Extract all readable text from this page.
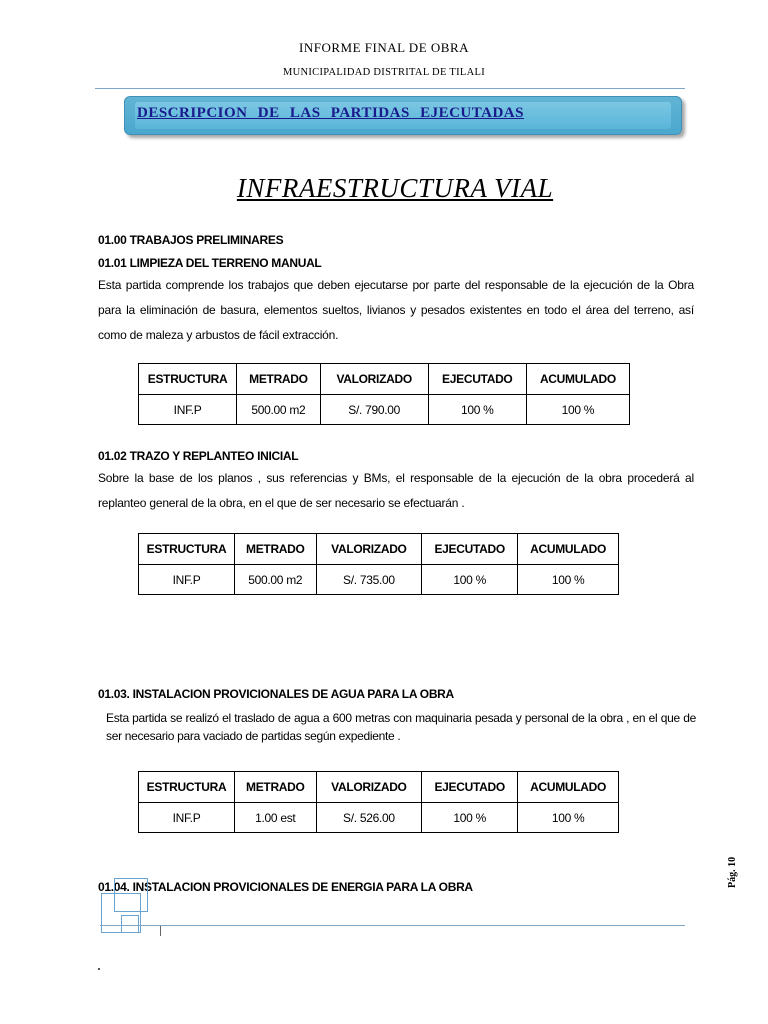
INFORME FINAL DE OBRA
MUNICIPALIDAD DISTRITAL DE TILALI
DESCRIPCION DE LAS PARTIDAS EJECUTADAS
INFRAESTRUCTURA VIAL
01.00 TRABAJOS PRELIMINARES
01.01 LIMPIEZA DEL TERRENO MANUAL
Esta partida comprende los trabajos que deben ejecutarse por parte del responsable de la ejecución de la Obra para la eliminación de basura, elementos sueltos, livianos y pesados existentes en todo el área del terreno, así como de maleza y arbustos de fácil extracción.
ESTRUCTURA	METRADO	VALORIZADO	EJECUTADO	ACUMULADO
INF.P	500.00 m2	S/. 790.00	100 %	100 %
01.02 TRAZO Y REPLANTEO INICIAL
Sobre la base de los planos , sus referencias y BMs, el responsable de la ejecución de la obra procederá al replanteo general de la obra, en el que de ser necesario se efectuarán .
ESTRUCTURA	METRADO	VALORIZADO	EJECUTADO	ACUMULADO
INF.P	500.00 m2	S/. 735.00	100 %	100 %
01.03. INSTALACION PROVICIONALES DE AGUA PARA LA OBRA
Esta partida se realizó el traslado de agua a 600 metras con maquinaria pesada y personal de la obra , en el que de ser necesario para vaciado de partidas según expediente .
ESTRUCTURA	METRADO	VALORIZADO	EJECUTADO	ACUMULADO
INF.P	1.00 est	S/. 526.00	100 %	100 %
01.04. INSTALACION PROVICIONALES DE ENERGIA PARA LA OBRA	Pág. 10
